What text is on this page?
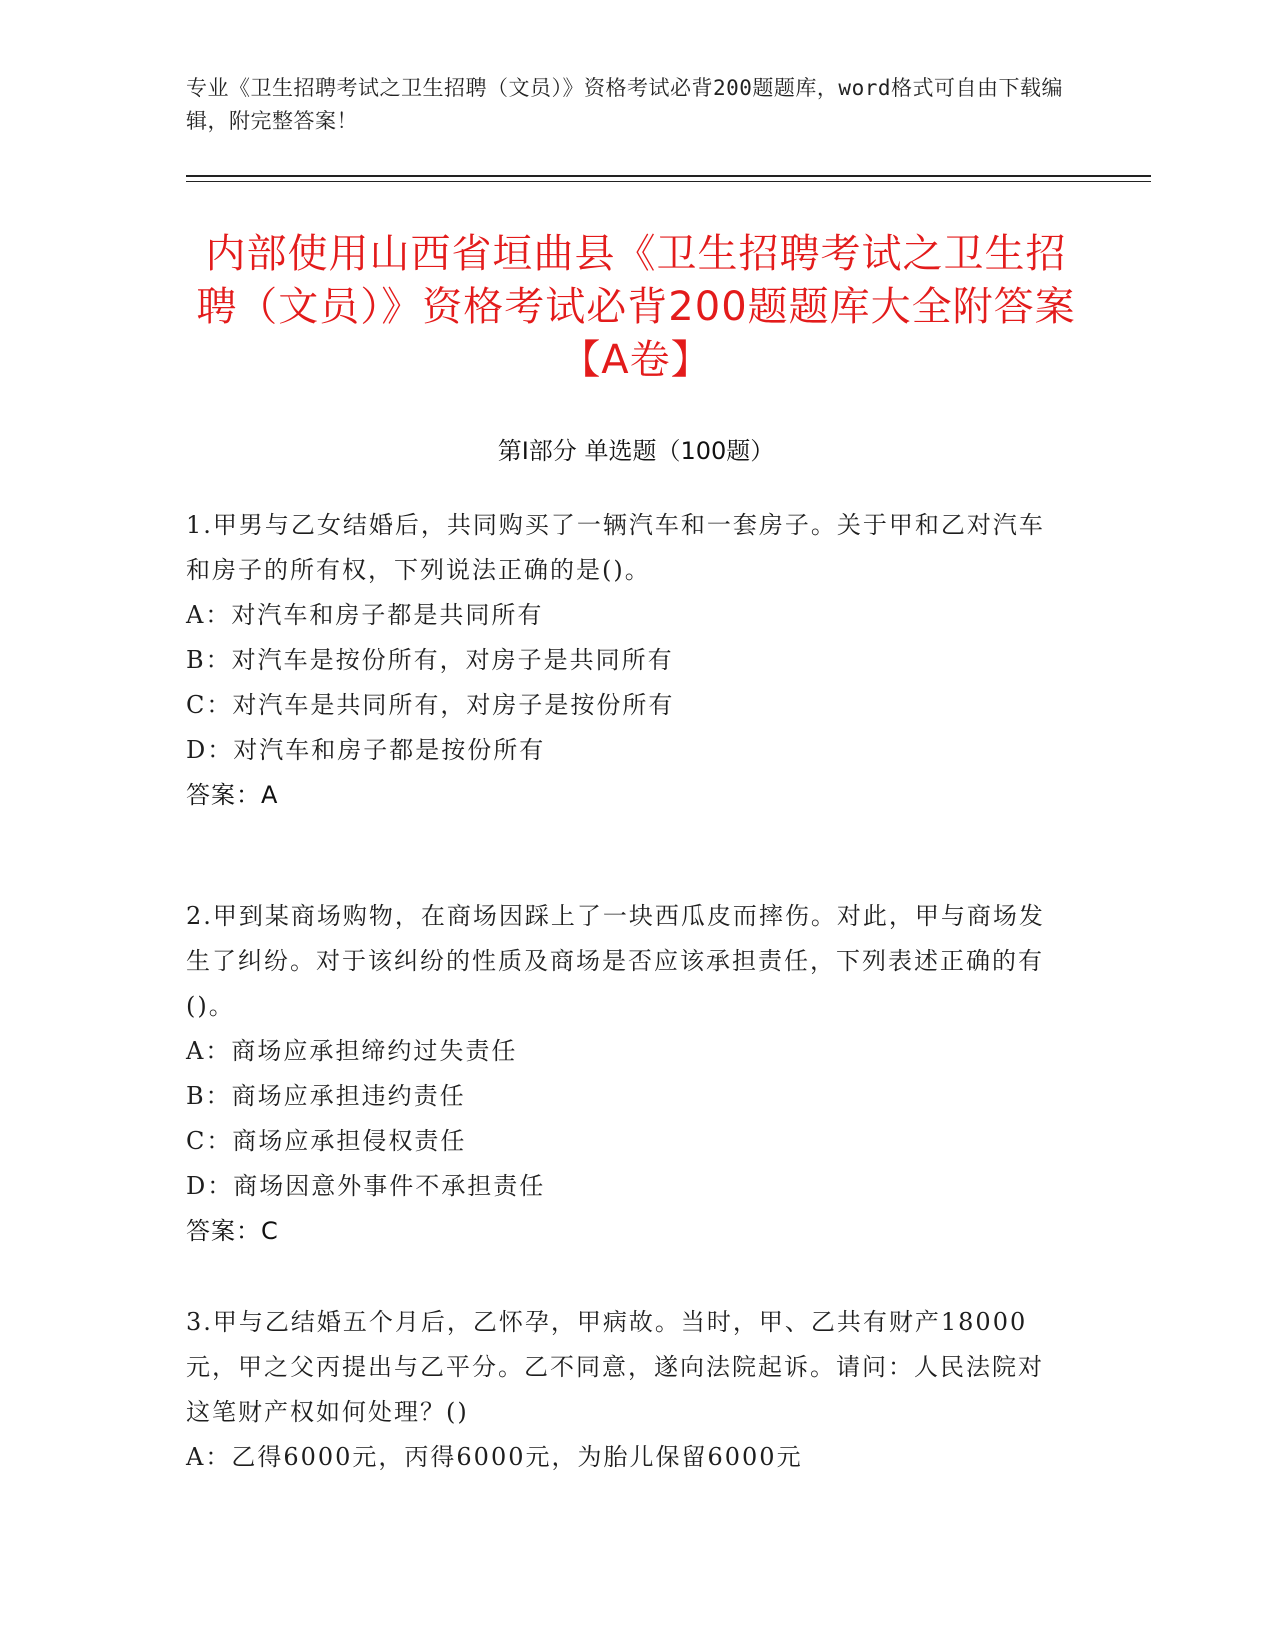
专业《卫生招聘考试之卫生招聘（文员）》资格考试必背200题题库，word格式可自由下载编辑，附完整答案！
内部使用山西省垣曲县《卫生招聘考试之卫生招聘（文员）》资格考试必背200题题库大全附答案【A卷】
第I部分 单选题（100题）
1.甲男与乙女结婚后，共同购买了一辆汽车和一套房子。关于甲和乙对汽车和房子的所有权，下列说法正确的是()。
A：对汽车和房子都是共同所有
B：对汽车是按份所有，对房子是共同所有
C：对汽车是共同所有，对房子是按份所有
D：对汽车和房子都是按份所有
答案：A
2.甲到某商场购物，在商场因踩上了一块西瓜皮而摔伤。对此，甲与商场发生了纠纷。对于该纠纷的性质及商场是否应该承担责任，下列表述正确的有()。
A：商场应承担缔约过失责任
B：商场应承担违约责任
C：商场应承担侵权责任
D：商场因意外事件不承担责任
答案：C
3.甲与乙结婚五个月后，乙怀孕，甲病故。当时，甲、乙共有财产18000元，甲之父丙提出与乙平分。乙不同意，遂向法院起诉。请问：人民法院对这笔财产权如何处理？()
A：乙得6000元，丙得6000元，为胎儿保留6000元
